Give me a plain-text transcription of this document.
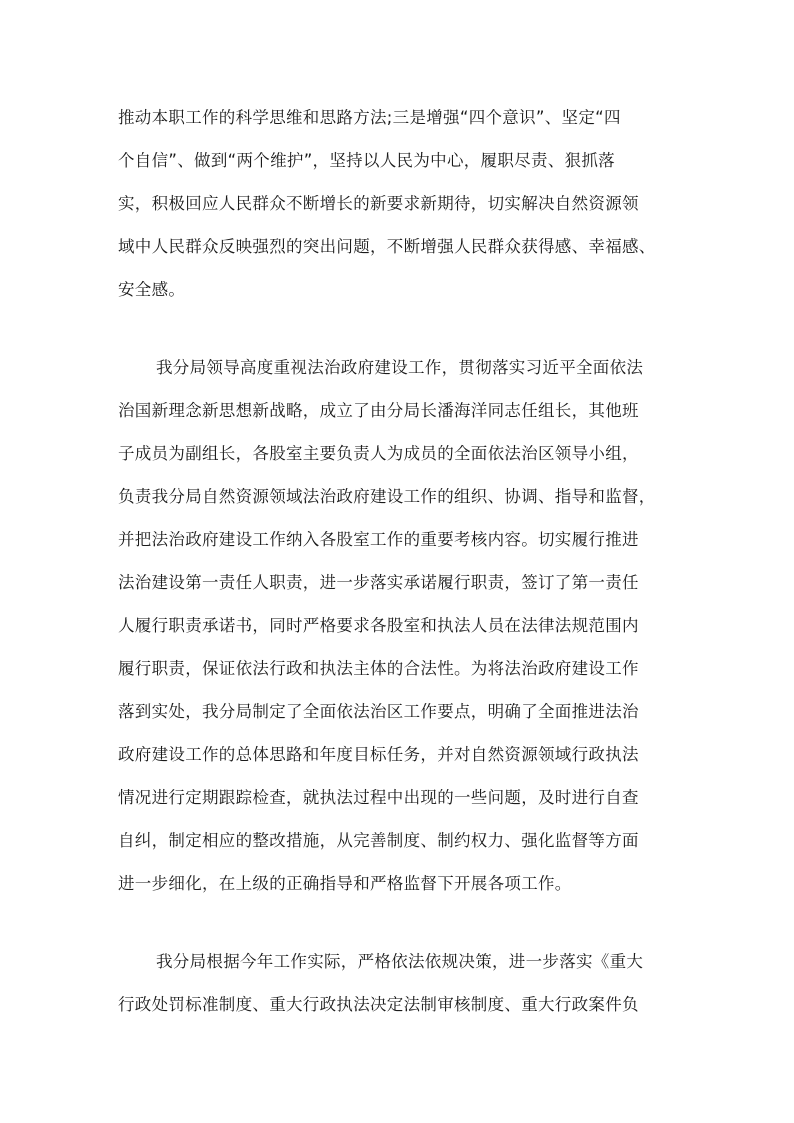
推动本职工作的科学思维和思路方法;三是增强“四个意识”、坚定“四
个自信”、做到“两个维护”，坚持以人民为中心，履职尽责、狠抓落
实，积极回应人民群众不断增长的新要求新期待，切实解决自然资源领
域中人民群众反映强烈的突出问题，不断增强人民群众获得感、幸福感、
安全感。
我分局领导高度重视法治政府建设工作，贯彻落实习近平全面依法
治国新理念新思想新战略，成立了由分局长潘海洋同志任组长，其他班
子成员为副组长，各股室主要负责人为成员的全面依法治区领导小组，
负责我分局自然资源领域法治政府建设工作的组织、协调、指导和监督，
并把法治政府建设工作纳入各股室工作的重要考核内容。切实履行推进
法治建设第一责任人职责，进一步落实承诺履行职责，签订了第一责任
人履行职责承诺书，同时严格要求各股室和执法人员在法律法规范围内
履行职责，保证依法行政和执法主体的合法性。为将法治政府建设工作
落到实处，我分局制定了全面依法治区工作要点，明确了全面推进法治
政府建设工作的总体思路和年度目标任务，并对自然资源领域行政执法
情况进行定期跟踪检查，就执法过程中出现的一些问题，及时进行自查
自纠，制定相应的整改措施，从完善制度、制约权力、强化监督等方面
进一步细化，在上级的正确指导和严格监督下开展各项工作。
我分局根据今年工作实际，严格依法依规决策，进一步落实《重大
行政处罚标准制度、重大行政执法决定法制审核制度、重大行政案件负
